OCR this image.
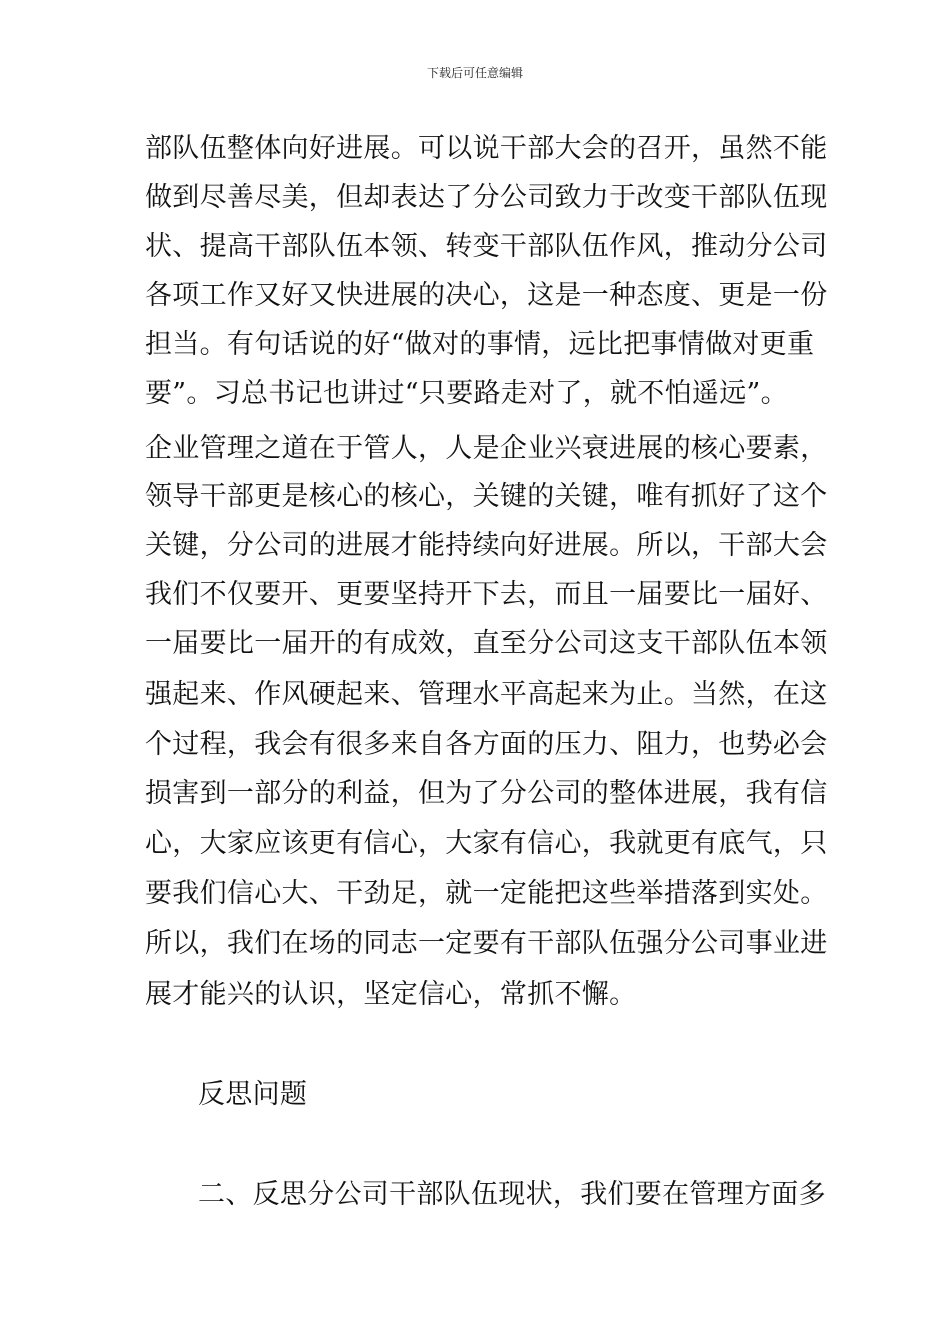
下载后可任意编辑
部队伍整体向好进展。可以说干部大会的召开，虽然不能
做到尽善尽美，但却表达了分公司致力于改变干部队伍现
状、提高干部队伍本领、转变干部队伍作风，推动分公司
各项工作又好又快进展的决心，这是一种态度、更是一份
担当。有句话说的好“做对的事情，远比把事情做对更重
要”。习总书记也讲过“只要路走对了，就不怕遥远”。
企业管理之道在于管人，人是企业兴衰进展的核心要素，
领导干部更是核心的核心，关键的关键，唯有抓好了这个
关键，分公司的进展才能持续向好进展。所以，干部大会
我们不仅要开、更要坚持开下去，而且一届要比一届好、
一届要比一届开的有成效，直至分公司这支干部队伍本领
强起来、作风硬起来、管理水平高起来为止。当然，在这
个过程，我会有很多来自各方面的压力、阻力，也势必会
损害到一部分的利益，但为了分公司的整体进展，我有信
心，大家应该更有信心，大家有信心，我就更有底气，只
要我们信心大、干劲足，就一定能把这些举措落到实处。
所以，我们在场的同志一定要有干部队伍强分公司事业进
展才能兴的认识，坚定信心，常抓不懈。
反思问题
二、反思分公司干部队伍现状，我们要在管理方面多
